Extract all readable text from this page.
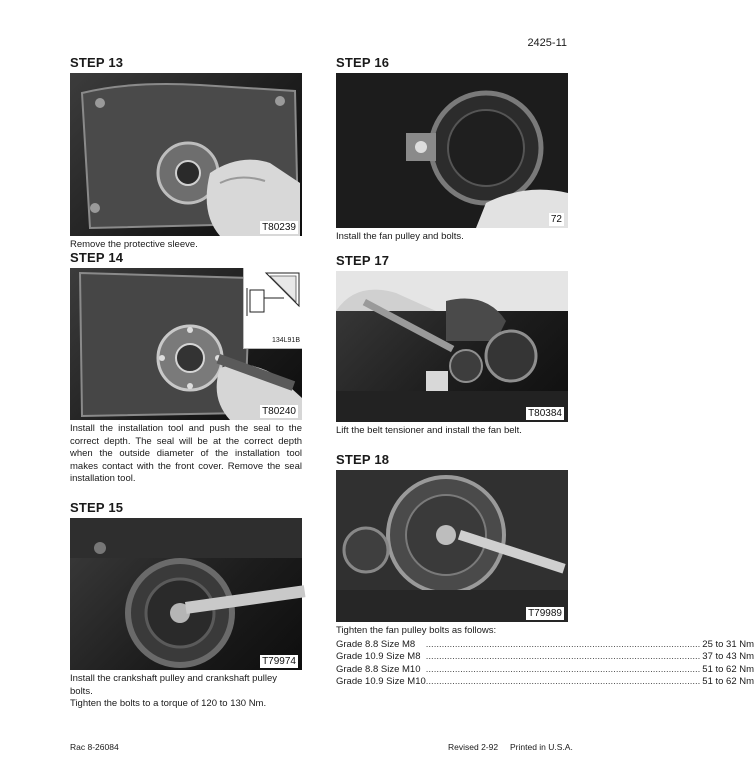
2425-11
STEP 13
T80239
Remove the protective sleeve.
STEP 14
134L91B
T80240
Install the installation tool and push the seal to the correct depth. The seal will be at the correct depth when the outside diameter of the installation tool makes contact with the front cover. Remove the seal installation tool.
STEP 15
T79974

Install the crankshaft pulley and crankshaft pulley bolts.

Tighten the bolts to a torque of 120 to 130 Nm.

STEP 16
72
Install the fan pulley and bolts.
STEP 17
T80384
Lift the belt tensioner and install the fan belt.
STEP 18
T79989
Tighten the fan pulley bolts as follows:
Grade 8.8 Size M8	.....	25 to 31 Nm
Grade 10.9 Size M8	.....	37 to 43 Nm
Grade 8.8 Size M10	.....	51 to 62 Nm
Grade 10.9 Size M10	.....	51 to 62 Nm
Rac 8-26084	Revised 2-92 Printed in U.S.A.
